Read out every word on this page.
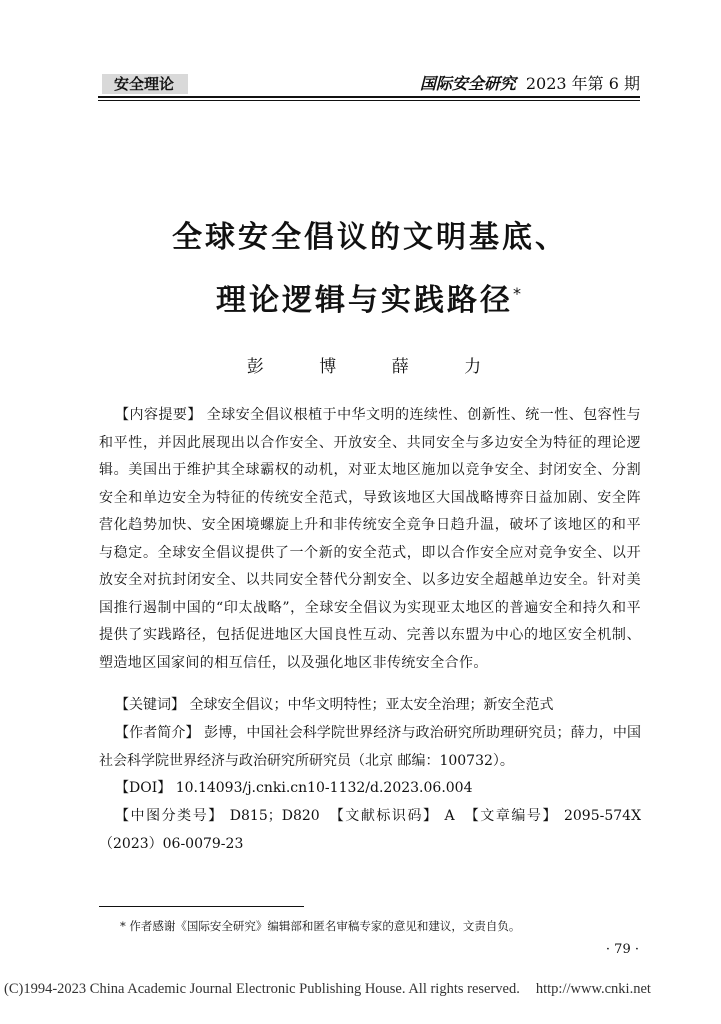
安全理论	国际安全研究 2023 年第 6 期
全球安全倡议的文明基底、
理论逻辑与实践路径*
彭 博	薛 力

【内容提要】 全球安全倡议根植于中华文明的连续性、创新性、统一性、包容性与和平性，并因此展现出以合作安全、开放安全、共同安全与多边安全为特征的理论逻辑。美国出于维护其全球霸权的动机，对亚太地区施加以竞争安全、封闭安全、分割安全和单边安全为特征的传统安全范式，导致该地区大国战略博弈日益加剧、安全阵营化趋势加快、安全困境螺旋上升和非传统安全竞争日趋升温，破坏了该地区的和平与稳定。全球安全倡议提供了一个新的安全范式，即以合作安全应对竞争安全、以开放安全对抗封闭安全、以共同安全替代分割安全、以多边安全超越单边安全。针对美国推行遏制中国的“印太战略”，全球安全倡议为实现亚太地区的普遍安全和持久和平提供了实践路径，包括促进地区大国良性互动、完善以东盟为中心的地区安全机制、塑造地区国家间的相互信任，以及强化地区非传统安全合作。

【关键词】 全球安全倡议；中华文明特性；亚太安全治理；新安全范式

【作者简介】 彭博，中国社会科学院世界经济与政治研究所助理研究员；薛力，中国社会科学院世界经济与政治研究所研究员（北京 邮编：100732）。

【DOI】 10.14093/j.cnki.cn10-1132/d.2023.06.004

【中图分类号】 D815；D820　 【文献标识码】 A　 【文章编号】 2095-574X（2023）06-0079-23

* 作者感谢《国际安全研究》编辑部和匿名审稿专家的意见和建议，文责自负。
· 79 ·
(C)1994-2023 China Academic Journal Electronic Publishing House. All rights reserved. http://www.cnki.net
